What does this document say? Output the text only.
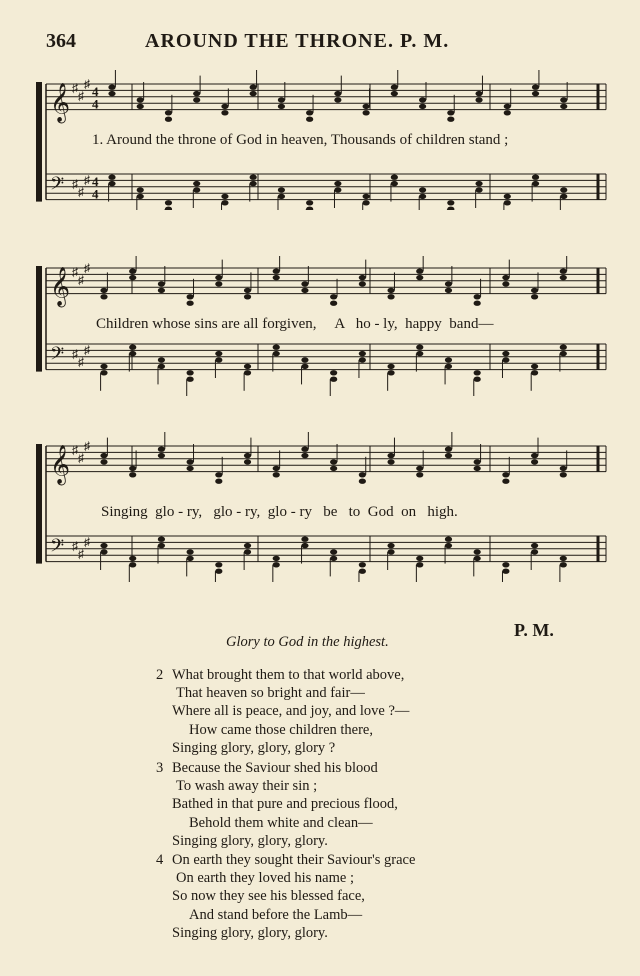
364	AROUND THE THRONE. P. M.
𝄞 ♯
♯
♯ 4
4
𝄢 ♯
♯
♯ 4
4
1. Around the throne of God in heaven, Thousands of children stand ;
𝄞 ♯
♯
♯
𝄢 ♯
♯
♯
Children whose sins are all forgiven,     A   ho - ly,  happy  band—
𝄞 ♯
♯
♯
𝄢 ♯
♯
♯
Singing  glo - ry,   glo - ry,  glo - ry   be   to  God  on   high.
P. M.
Glory to God in the highest.
2 What brought them to that world above,
That heaven so bright and fair—
Where all is peace, and joy, and love ?—
How came those children there,
Singing glory, glory, glory ?
3 Because the Saviour shed his blood
To wash away their sin ;
Bathed in that pure and precious flood,
Behold them white and clean—
Singing glory, glory, glory.
4 On earth they sought their Saviour's grace
On earth they loved his name ;
So now they see his blessed face,
And stand before the Lamb—
Singing glory, glory, glory.
